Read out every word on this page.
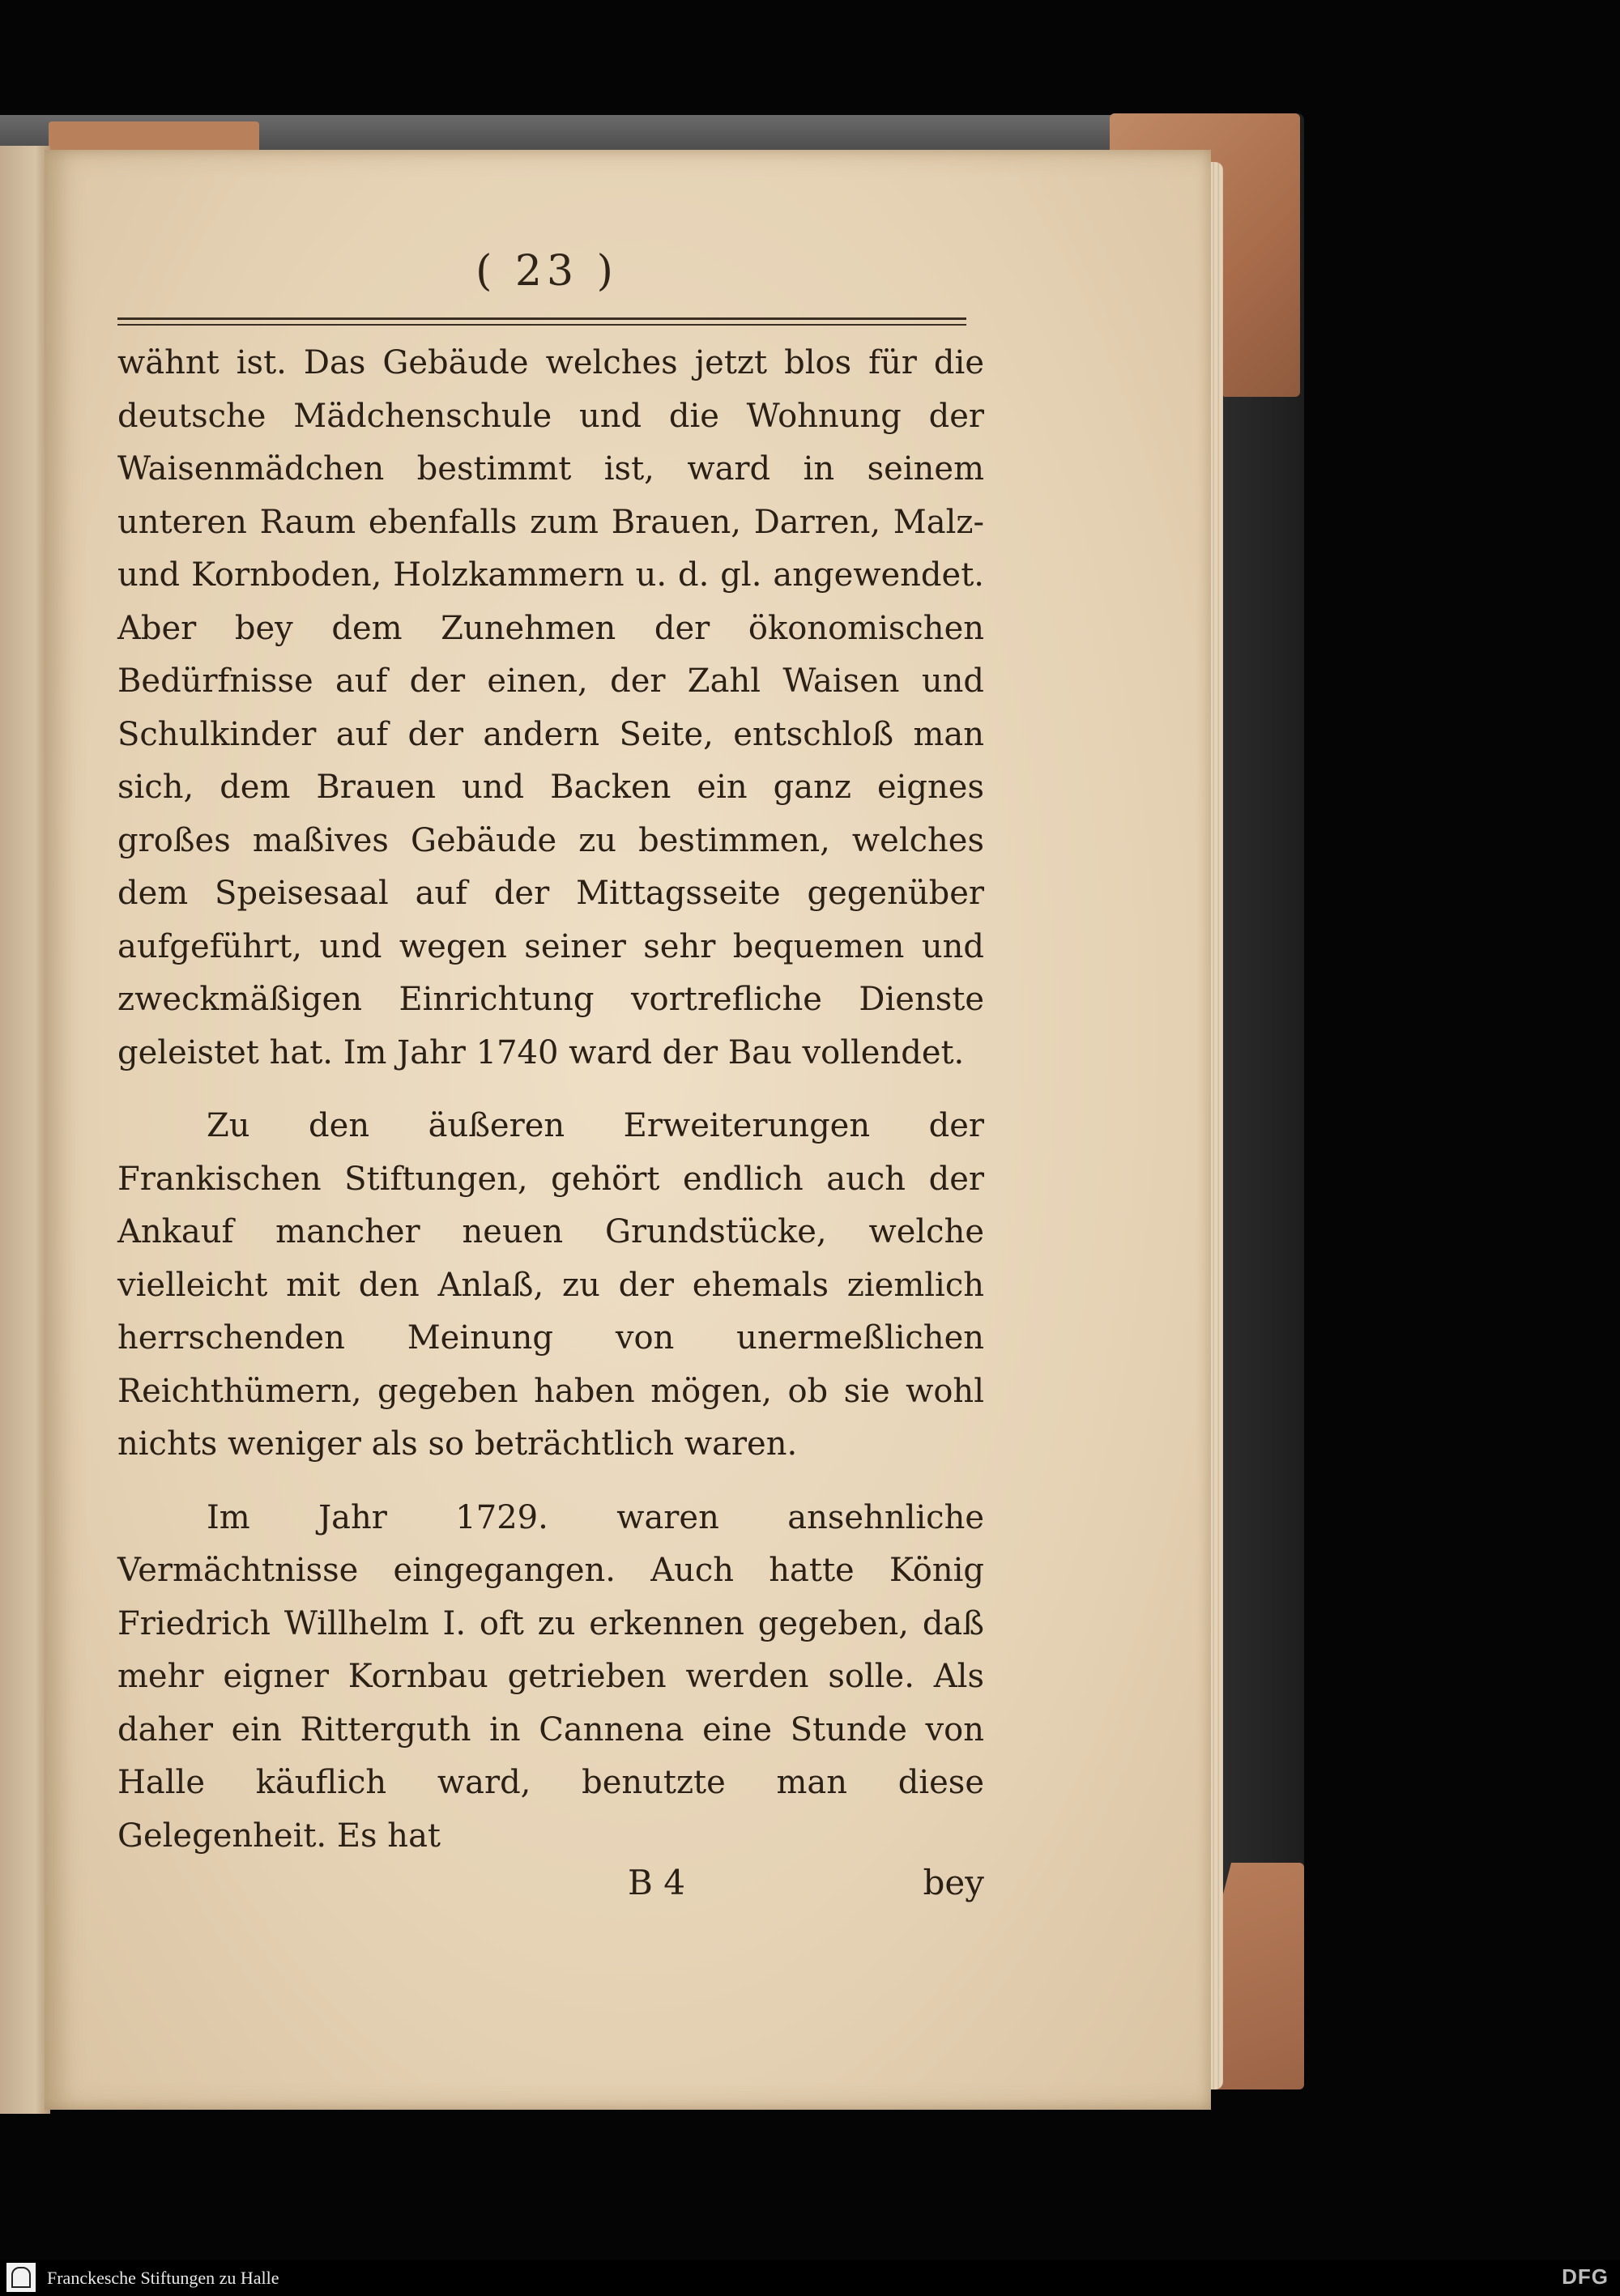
( 23 )

wähnt ist. Das Gebäude welches jetzt blos für die deutsche Mädchenschule und die Wohnung der Waisenmädchen bestimmt ist, ward in seinem unteren Raum ebenfalls zum Brauen, Darren, Malz- und Kornboden, Holzkammern u. d. gl. angewendet. Aber bey dem Zunehmen der ökonomischen Bedürfnisse auf der einen, der Zahl Waisen und Schulkinder auf der andern Seite, entschloß man sich, dem Brauen und Backen ein ganz eignes großes maßives Gebäude zu bestimmen, welches dem Speisesaal auf der Mittagsseite gegenüber aufgeführt, und wegen seiner sehr bequemen und zweckmäßigen Einrichtung vortrefliche Dienste geleistet hat. Im Jahr 1740 ward der Bau vollendet.

Zu den äußeren Erweiterungen der Frankischen Stiftungen, gehört endlich auch der Ankauf mancher neuen Grundstücke, welche vielleicht mit den Anlaß, zu der ehemals ziemlich herrschenden Meinung von unermeßlichen Reichthümern, gegeben haben mögen, ob sie wohl nichts weniger als so beträchtlich waren.

Im Jahr 1729. waren ansehnliche Vermächtnisse eingegangen. Auch hatte König Friedrich Willhelm I. oft zu erkennen gegeben, daß mehr eigner Kornbau getrieben werden solle. Als daher ein Ritterguth in Cannena eine Stunde von Halle käuflich ward, benutzte man diese Gelegenheit. Es hat

B 4	bey
Franckesche Stiftungen zu Halle	DFG
